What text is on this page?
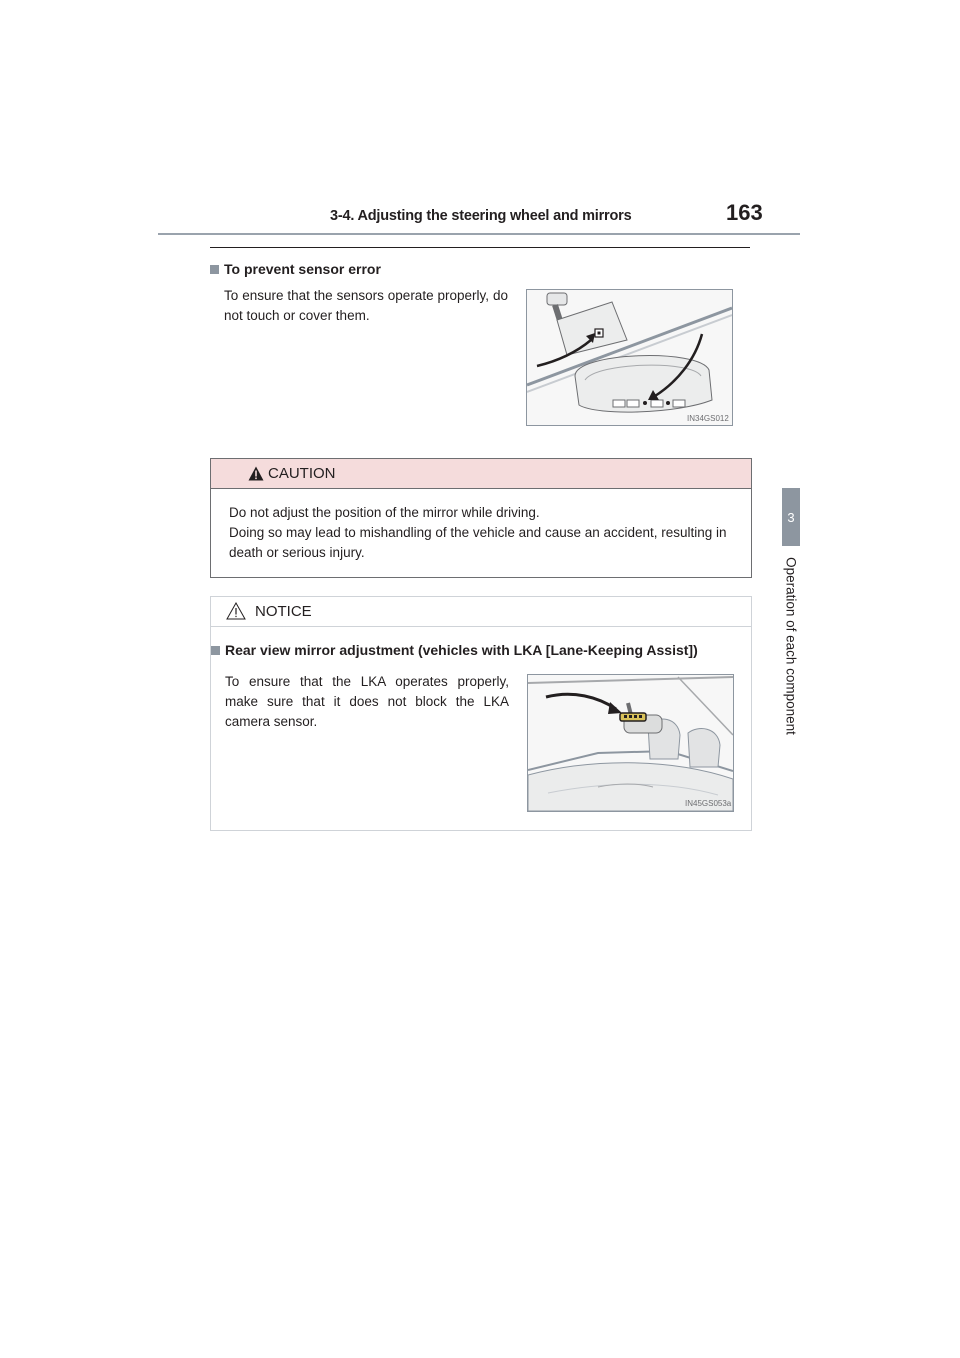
3-4. Adjusting the steering wheel and mirrors	163
3
Operation of each component
To prevent sensor error
To ensure that the sensors operate properly, do not touch or cover them.
IN34GS012
CAUTION
Do not adjust the position of the mirror while driving.
Doing so may lead to mishandling of the vehicle and cause an accident, resulting in death or serious injury.
NOTICE
Rear view mirror adjustment (vehicles with LKA [Lane-Keeping Assist])
To ensure that the LKA operates properly, make sure that it does not block the LKA camera sensor.
IN45GS053a
